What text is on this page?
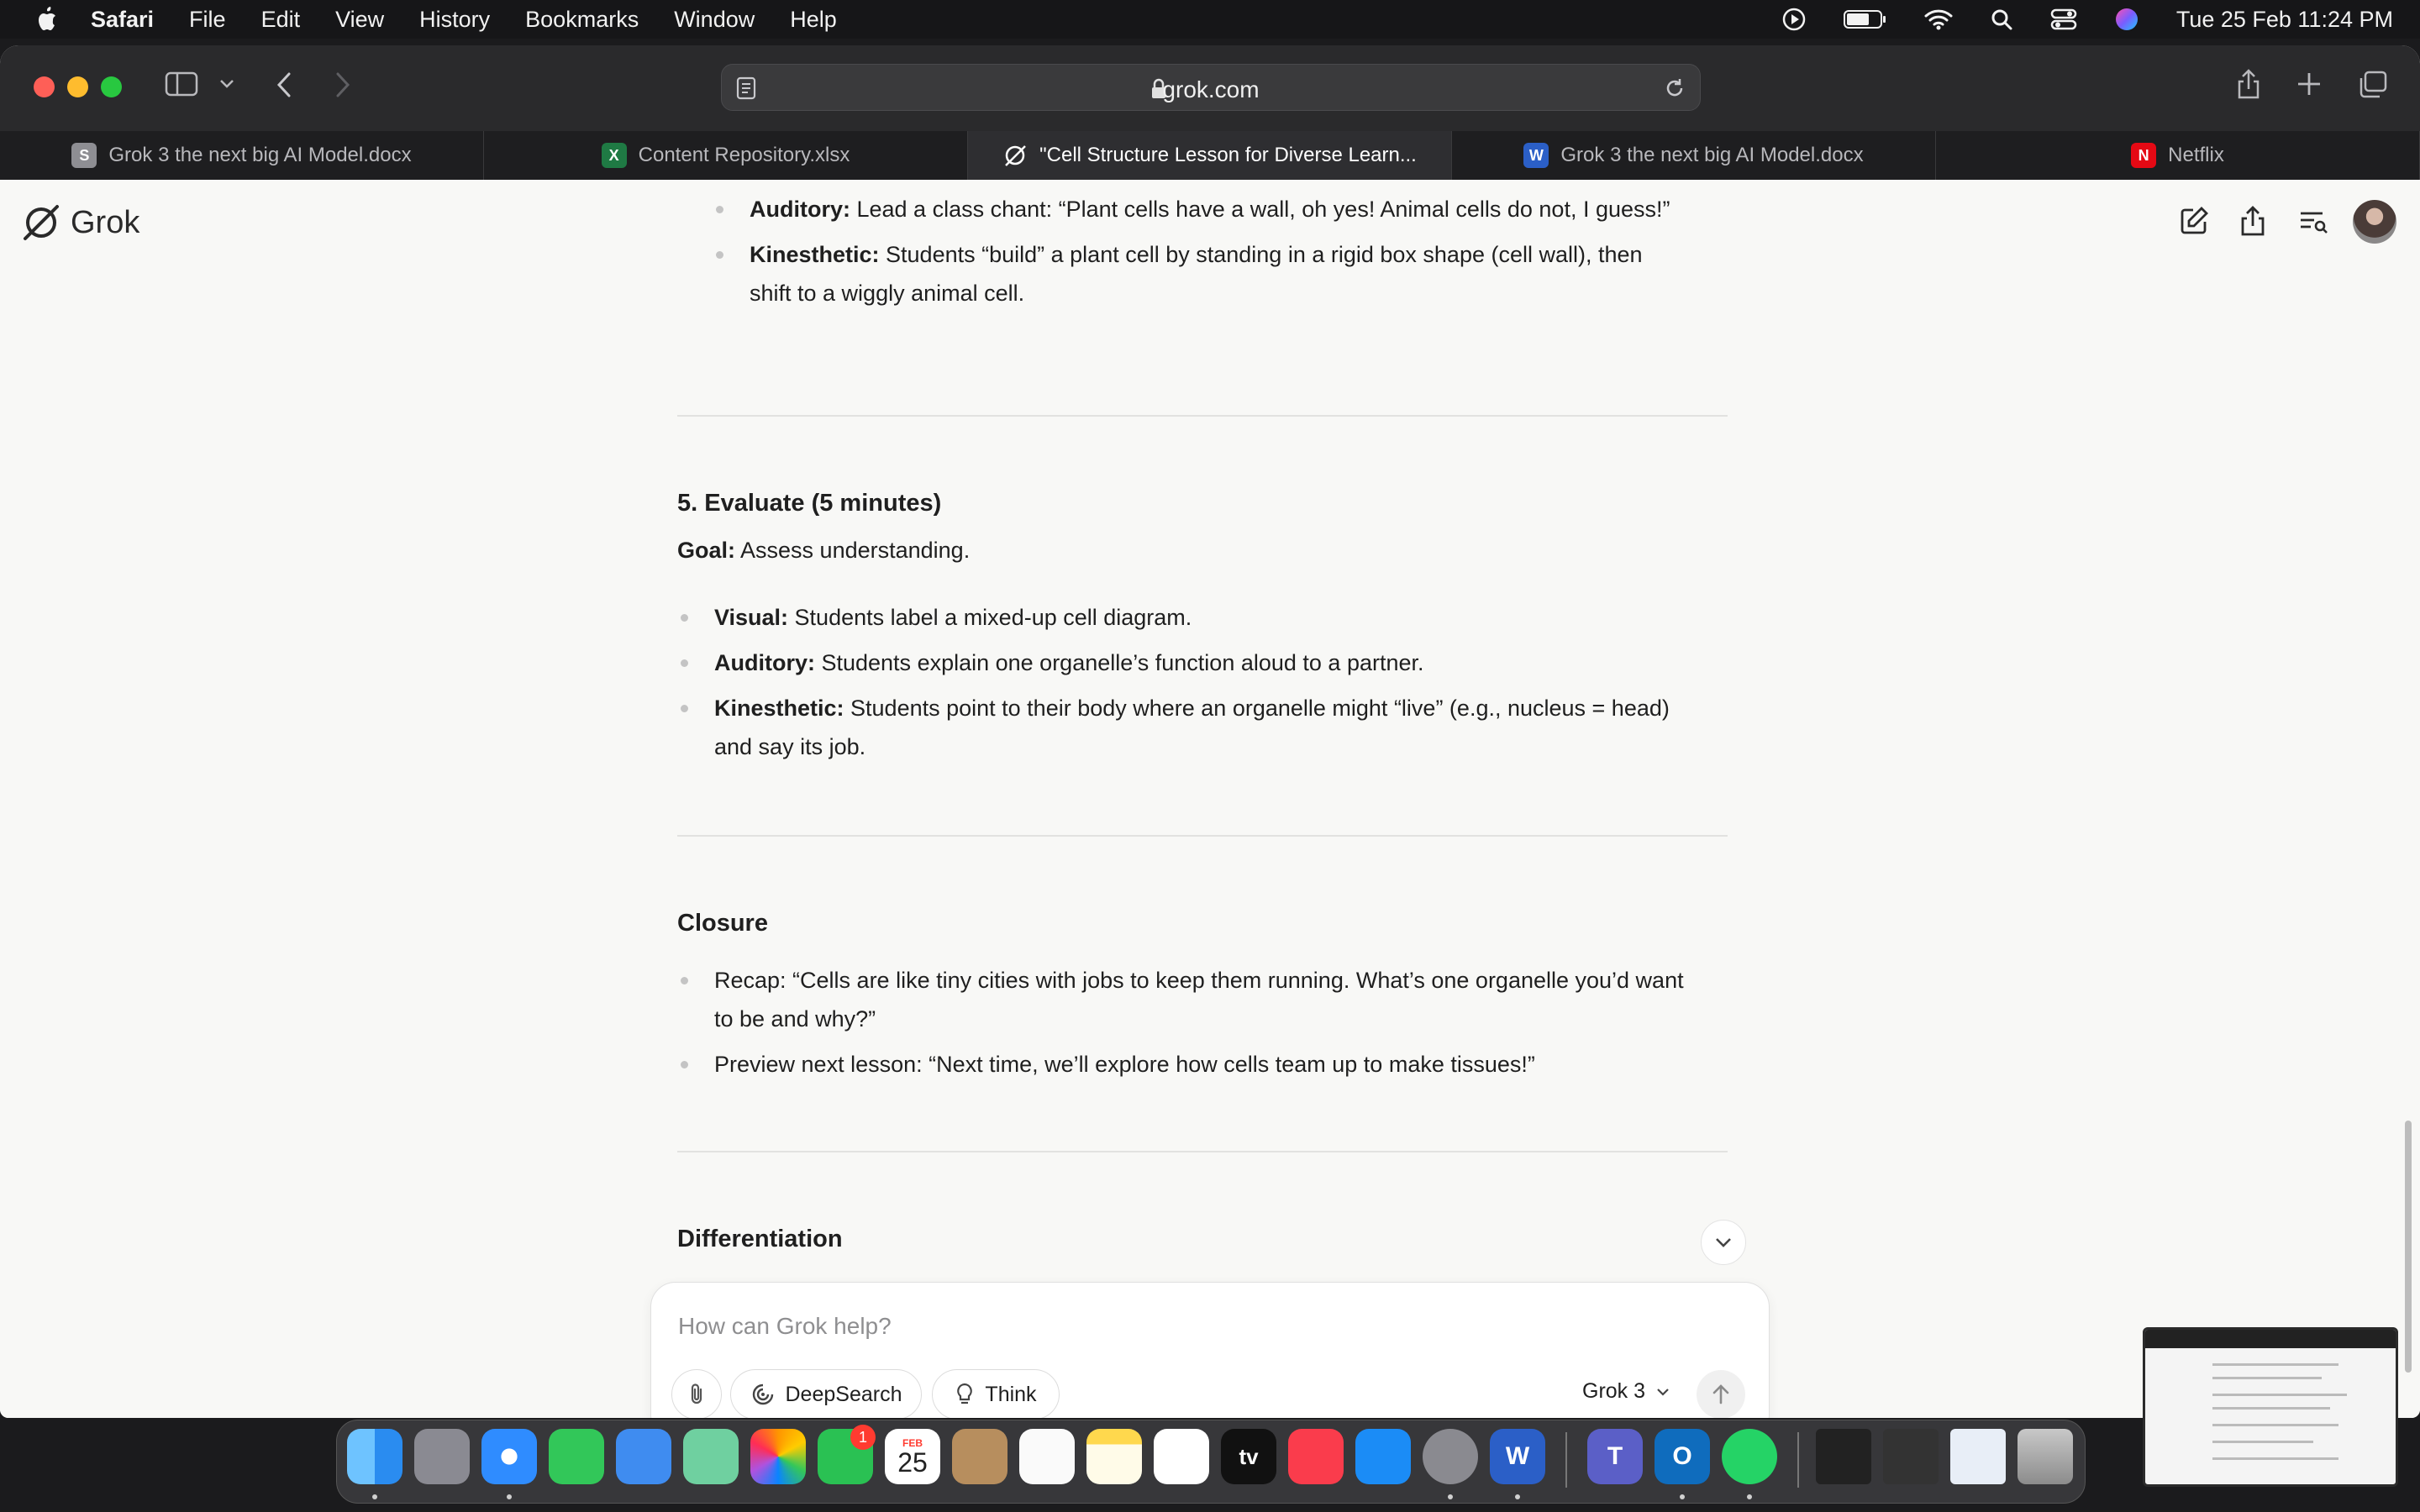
Safari File Edit View History Bookmarks Window Help	Tue 25 Feb 11:24 PM
grok.com
S Grok 3 the next big AI Model.docx	X Content Repository.xlsx	"Cell Structure Lesson for Diverse Learn...	W Grok 3 the next big AI Model.docx	N Netflix
Grok	Auditory: Lead a class chant: “Plant cells have a wall, oh yes! Animal cells do not, I guess!”
Kinesthetic: Students “build” a plant cell by standing in a rigid box shape (cell wall), then
shift to a wiggly animal cell.
5. Evaluate (5 minutes)
Goal: Assess understanding.
Visual: Students label a mixed-up cell diagram.
Auditory: Students explain one organelle’s function aloud to a partner.
Kinesthetic: Students point to their body where an organelle might “live” (e.g., nucleus = head)
and say its job.
Closure
Recap: “Cells are like tiny cities with jobs to keep them running. What’s one organelle you’d want
to be and why?”
Preview next lesson: “Next time, we’ll explore how cells team up to make tissues!”
Differentiation
How can Grok help?
DeepSearch	Think	Grok 3
FEB
25	tv	W	T	O
1
